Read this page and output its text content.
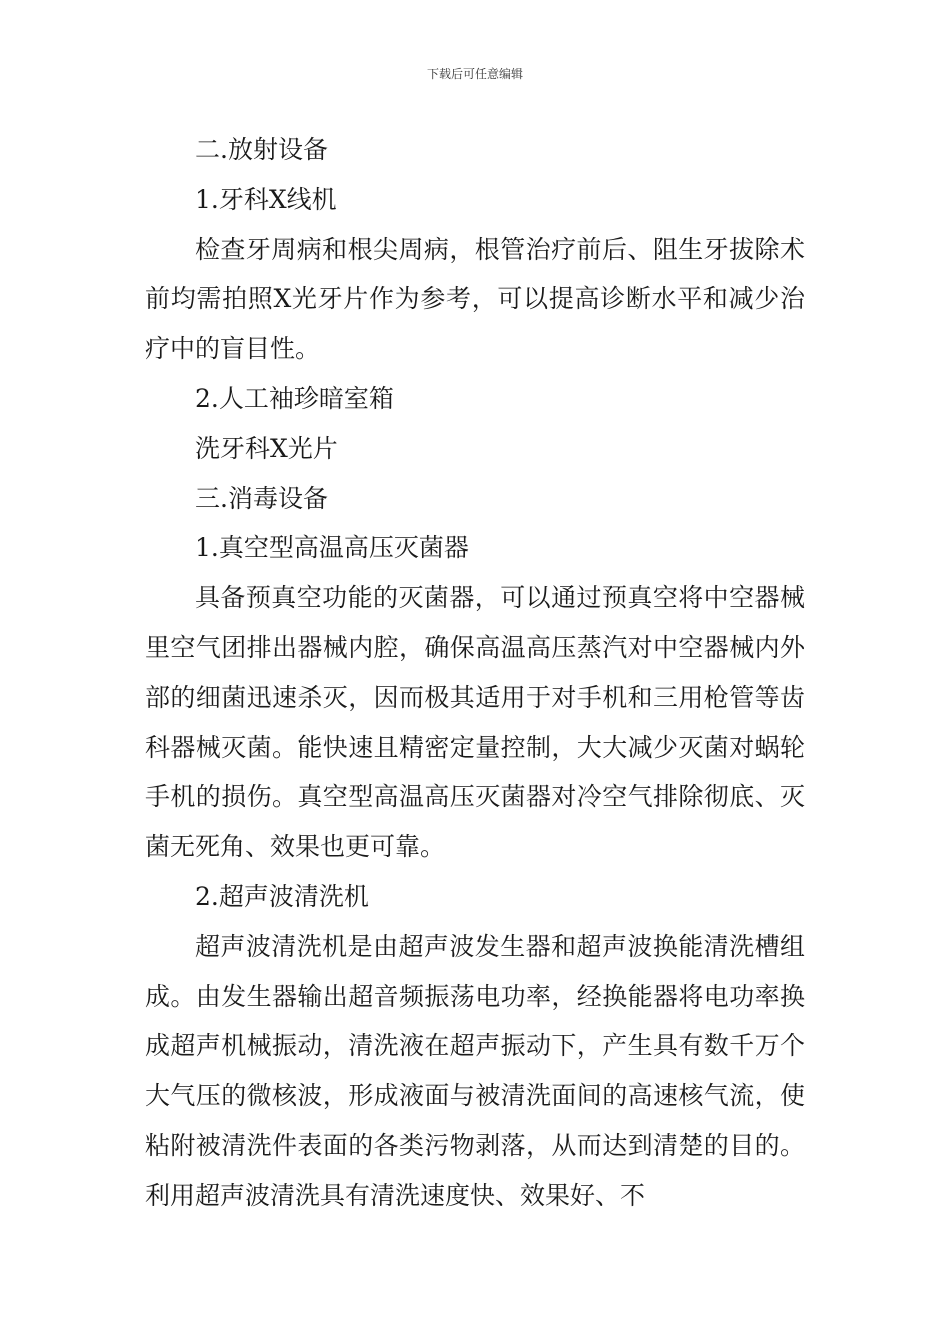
下载后可任意编辑

二.放射设备

1.牙科X线机

检查牙周病和根尖周病，根管治疗前后、阻生牙拔除术前均需拍照X光牙片作为参考，可以提高诊断水平和减少治疗中的盲目性。

2.人工袖珍暗室箱

洗牙科X光片

三.消毒设备

1.真空型高温高压灭菌器

具备预真空功能的灭菌器，可以通过预真空将中空器械里空气团排出器械内腔，确保高温高压蒸汽对中空器械内外部的细菌迅速杀灭，因而极其适用于对手机和三用枪管等齿科器械灭菌。能快速且精密定量控制，大大减少灭菌对蜗轮手机的损伤。真空型高温高压灭菌器对冷空气排除彻底、灭菌无死角、效果也更可靠。

2.超声波清洗机

超声波清洗机是由超声波发生器和超声波换能清洗槽组成。由发生器输出超音频振荡电功率，经换能器将电功率换成超声机械振动，清洗液在超声振动下，产生具有数千万个大气压的微核波，形成液面与被清洗面间的高速核气流，使粘附被清洗件表面的各类污物剥落，从而达到清楚的目的。利用超声波清洗具有清洗速度快、效果好、不
